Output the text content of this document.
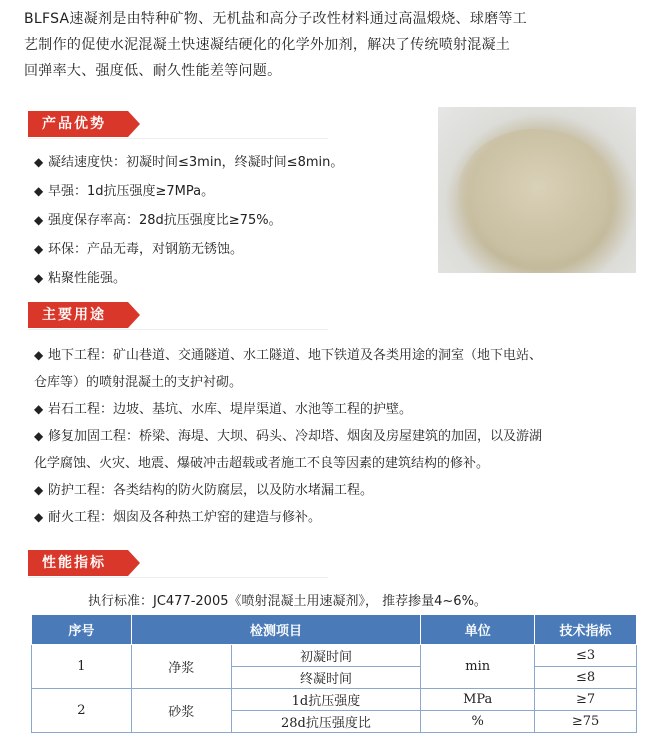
BLFSA速凝剂是由特种矿物、无机盐和高分子改性材料通过高温煅烧、球磨等工
艺制作的促使水泥混凝土快速凝结硬化的化学外加剂，解决了传统喷射混凝土
回弹率大、强度低、耐久性能差等问题。
产品优势
◆ 凝结速度快：初凝时间≤3min，终凝时间≤8min。
◆ 早强：1d抗压强度≥7MPa。
◆ 强度保存率高：28d抗压强度比≥75%。
◆ 环保：产品无毒，对钢筋无锈蚀。
◆ 粘聚性能强。
主要用途
◆ 地下工程：矿山巷道、交通隧道、水工隧道、地下铁道及各类用途的洞室（地下电站、
仓库等）的喷射混凝土的支护衬砌。
◆ 岩石工程：边坡、基坑、水库、堤岸渠道、水池等工程的护壁。
◆ 修复加固工程：桥梁、海堤、大坝、码头、冷却塔、烟囱及房屋建筑的加固，以及游湖
化学腐蚀、火灾、地震、爆破冲击超载或者施工不良等因素的建筑结构的修补。
◆ 防护工程：各类结构的防火防腐层，以及防水堵漏工程。
◆ 耐火工程：烟囱及各种热工炉窑的建造与修补。
性能指标
执行标准：JC477-2005《喷射混凝土用速凝剂》， 推荐掺量4~6%。
序号	检测项目		单位	技术指标
1	净浆	初凝时间	min	≤3
		终凝时间		≤8
2	砂浆	1d抗压强度	MPa	≥7
		28d抗压强度比	%	≥75
